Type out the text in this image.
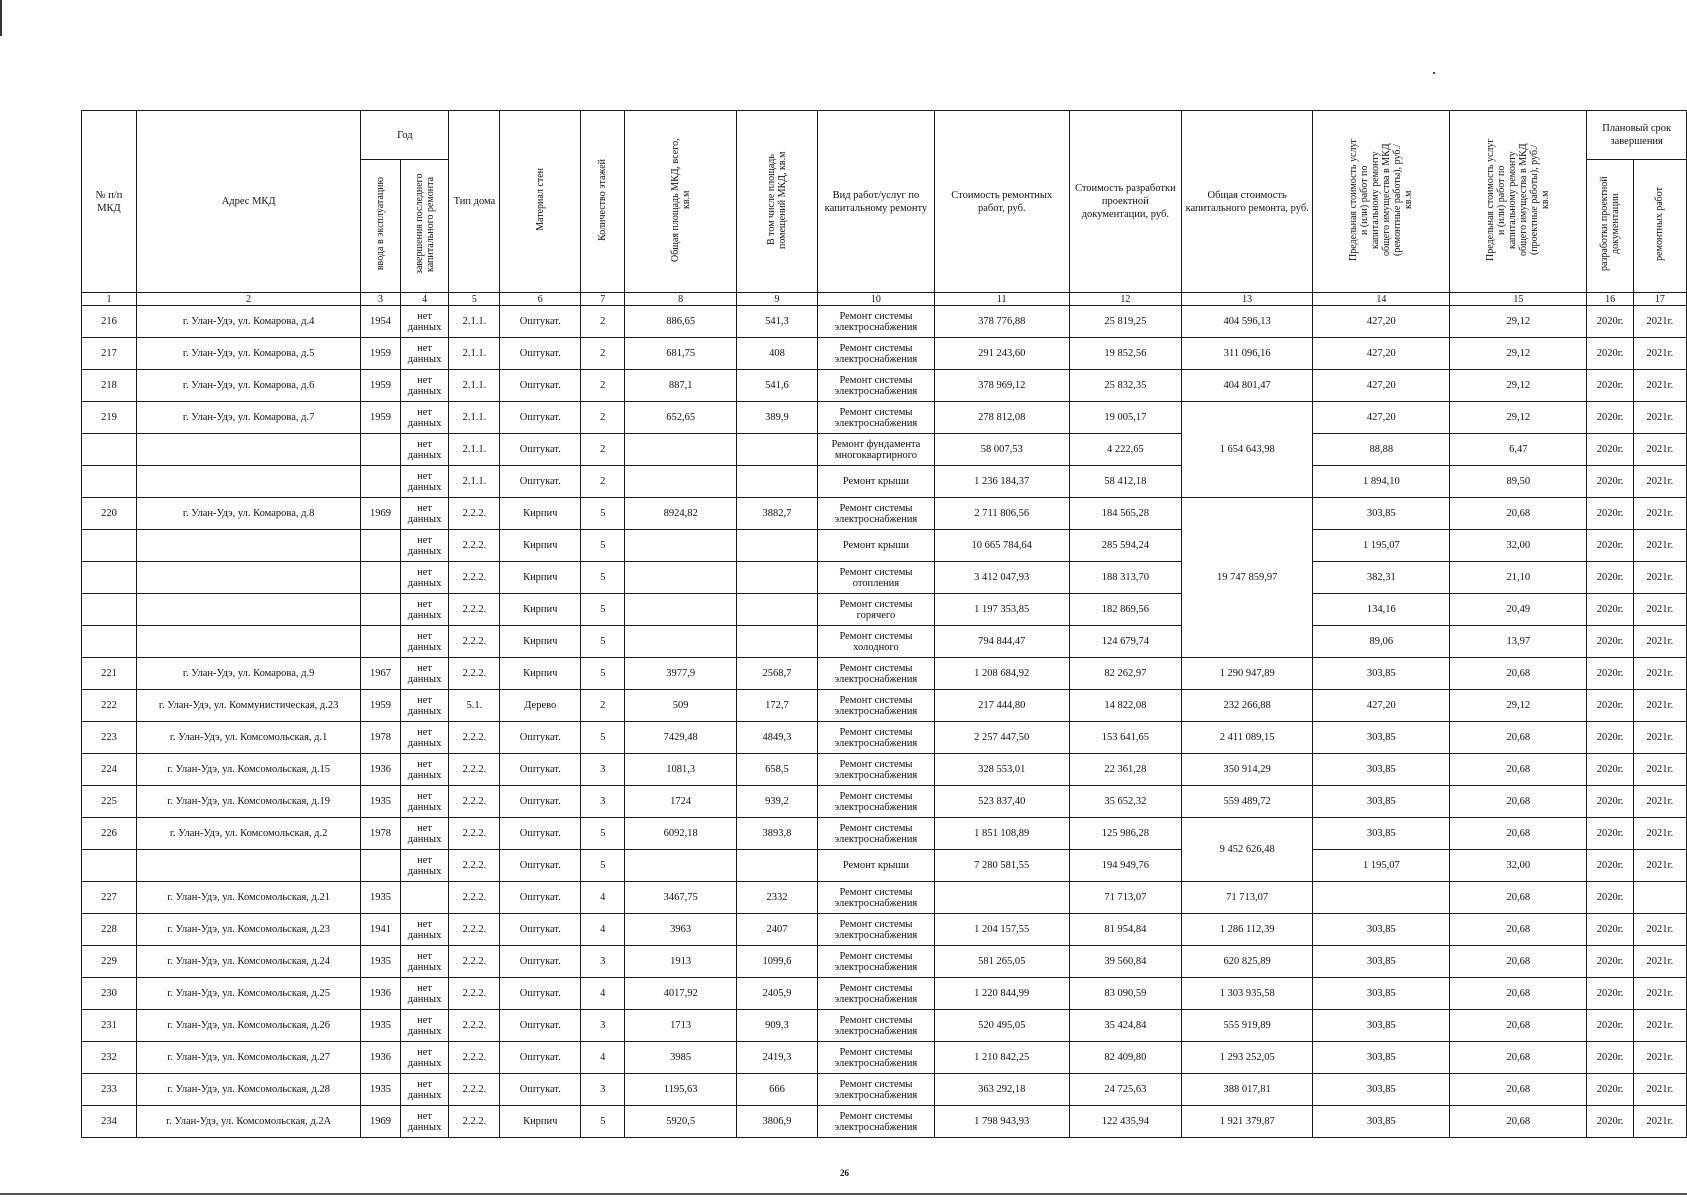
№ п/п МКД	Адрес МКД	Год		Тип дома	Материал стен	Количество этажей	Общая площадь МКД, всего, кв.м	В том числе площадь помещений МКД, кв.м	Вид работ/услуг по капитальному ремонту	Стоимость ремонтных работ, руб.	Стоимость разработки проектной документации, руб.	Общая стоимость капитального ремонта, руб.	Предельная стоимость услуг и (или) работ по капитальному ремонту общего имущества в МКД (ремонтные работы), руб./кв.м	Предельная стоимость услуг и (или) работ по капитальному ремонту общего имущества в МКД (проектные работы), руб./кв.м	Плановый срок завершения	
		ввода в эксплуатацию	завершения последнего капитального ремонта												разработки проектной документации	ремонтных работ
1	2	3	4	5	6	7	8	9	10	11	12	13	14	15	16	17
216	г. Улан-Удэ, ул. Комарова, д.4	1954	нет данных	2.1.1.	Оштукат.	2	886,65	541,3	Ремонт системы электроснабжения	378 776,88	25 819,25	404 596,13	427,20	29,12	2020г.	2021г.
217	г. Улан-Удэ, ул. Комарова, д.5	1959	нет данных	2.1.1.	Оштукат.	2	681,75	408	Ремонт системы электроснабжения	291 243,60	19 852,56	311 096,16	427,20	29,12	2020г.	2021г.
218	г. Улан-Удэ, ул. Комарова, д.6	1959	нет данных	2.1.1.	Оштукат.	2	887,1	541,6	Ремонт системы электроснабжения	378 969,12	25 832,35	404 801,47	427,20	29,12	2020г.	2021г.
219	г. Улан-Удэ, ул. Комарова, д.7	1959	нет данных	2.1.1.	Оштукат.	2	652,65	389,9	Ремонт системы электроснабжения	278 812,08	19 005,17	1 654 643,98	427,20	29,12	2020г.	2021г.
			нет данных	2.1.1.	Оштукат.	2			Ремонт фундамента многоквартирного	58 007,53	4 222,65		88,88	6,47	2020г.	2021г.
			нет данных	2.1.1.	Оштукат.	2			Ремонт крыши	1 236 184,37	58 412,18		1 894,10	89,50	2020г.	2021г.
220	г. Улан-Удэ, ул. Комарова, д.8	1969	нет данных	2.2.2.	Кирпич	5	8924,82	3882,7	Ремонт системы электроснабжения	2 711 806,56	184 565,28	19 747 859,97	303,85	20,68	2020г.	2021г.
			нет данных	2.2.2.	Кирпич	5			Ремонт крыши	10 665 784,64	285 594,24		1 195,07	32,00	2020г.	2021г.
			нет данных	2.2.2.	Кирпич	5			Ремонт системы отопления	3 412 047,93	188 313,70		382,31	21,10	2020г.	2021г.
			нет данных	2.2.2.	Кирпич	5			Ремонт системы горячего	1 197 353,85	182 869,56		134,16	20,49	2020г.	2021г.
			нет данных	2.2.2.	Кирпич	5			Ремонт системы холодного	794 844,47	124 679,74		89,06	13,97	2020г.	2021г.
221	г. Улан-Удэ, ул. Комарова, д.9	1967	нет данных	2.2.2.	Кирпич	5	3977,9	2568,7	Ремонт системы электроснабжения	1 208 684,92	82 262,97	1 290 947,89	303,85	20,68	2020г.	2021г.
222	г. Улан-Удэ, ул. Коммунистическая, д.23	1959	нет данных	5.1.	Дерево	2	509	172,7	Ремонт системы электроснабжения	217 444,80	14 822,08	232 266,88	427,20	29,12	2020г.	2021г.
223	г. Улан-Удэ, ул. Комсомольская, д.1	1978	нет данных	2.2.2.	Оштукат.	5	7429,48	4849,3	Ремонт системы электроснабжения	2 257 447,50	153 641,65	2 411 089,15	303,85	20,68	2020г.	2021г.
224	г. Улан-Удэ, ул. Комсомольская, д.15	1936	нет данных	2.2.2.	Оштукат.	3	1081,3	658,5	Ремонт системы электроснабжения	328 553,01	22 361,28	350 914,29	303,85	20,68	2020г.	2021г.
225	г. Улан-Удэ, ул. Комсомольская, д.19	1935	нет данных	2.2.2.	Оштукат.	3	1724	939,2	Ремонт системы электроснабжения	523 837,40	35 652,32	559 489,72	303,85	20,68	2020г.	2021г.
226	г. Улан-Удэ, ул. Комсомольская, д.2	1978	нет данных	2.2.2.	Оштукат.	5	6092,18	3893,8	Ремонт системы электроснабжения	1 851 108,89	125 986,28	9 452 626,48	303,85	20,68	2020г.	2021г.
			нет данных	2.2.2.	Оштукат.	5			Ремонт крыши	7 280 581,55	194 949,76		1 195,07	32,00	2020г.	2021г.
227	г. Улан-Удэ, ул. Комсомольская, д.21	1935		2.2.2.	Оштукат.	4	3467,75	2332	Ремонт системы электроснабжения		71 713,07	71 713,07		20,68	2020г.	
228	г. Улан-Удэ, ул. Комсомольская, д.23	1941	нет данных	2.2.2.	Оштукат.	4	3963	2407	Ремонт системы электроснабжения	1 204 157,55	81 954,84	1 286 112,39	303,85	20,68	2020г.	2021г.
229	г. Улан-Удэ, ул. Комсомольская, д.24	1935	нет данных	2.2.2.	Оштукат.	3	1913	1099,6	Ремонт системы электроснабжения	581 265,05	39 560,84	620 825,89	303,85	20,68	2020г.	2021г.
230	г. Улан-Удэ, ул. Комсомольская, д.25	1936	нет данных	2.2.2.	Оштукат.	4	4017,92	2405,9	Ремонт системы электроснабжения	1 220 844,99	83 090,59	1 303 935,58	303,85	20,68	2020г.	2021г.
231	г. Улан-Удэ, ул. Комсомольская, д.26	1935	нет данных	2.2.2.	Оштукат.	3	1713	909,3	Ремонт системы электроснабжения	520 495,05	35 424,84	555 919,89	303,85	20,68	2020г.	2021г.
232	г. Улан-Удэ, ул. Комсомольская, д.27	1936	нет данных	2.2.2.	Оштукат.	4	3985	2419,3	Ремонт системы электроснабжения	1 210 842,25	82 409,80	1 293 252,05	303,85	20,68	2020г.	2021г.
233	г. Улан-Удэ, ул. Комсомольская, д.28	1935	нет данных	2.2.2.	Оштукат.	3	1195,63	666	Ремонт системы электроснабжения	363 292,18	24 725,63	388 017,81	303,85	20,68	2020г.	2021г.
234	г. Улан-Удэ, ул. Комсомольская, д.2А	1969	нет данных	2.2.2.	Кирпич	5	5920,5	3806,9	Ремонт системы электроснабжения	1 798 943,93	122 435,94	1 921 379,87	303,85	20,68	2020г.	2021г.
26
